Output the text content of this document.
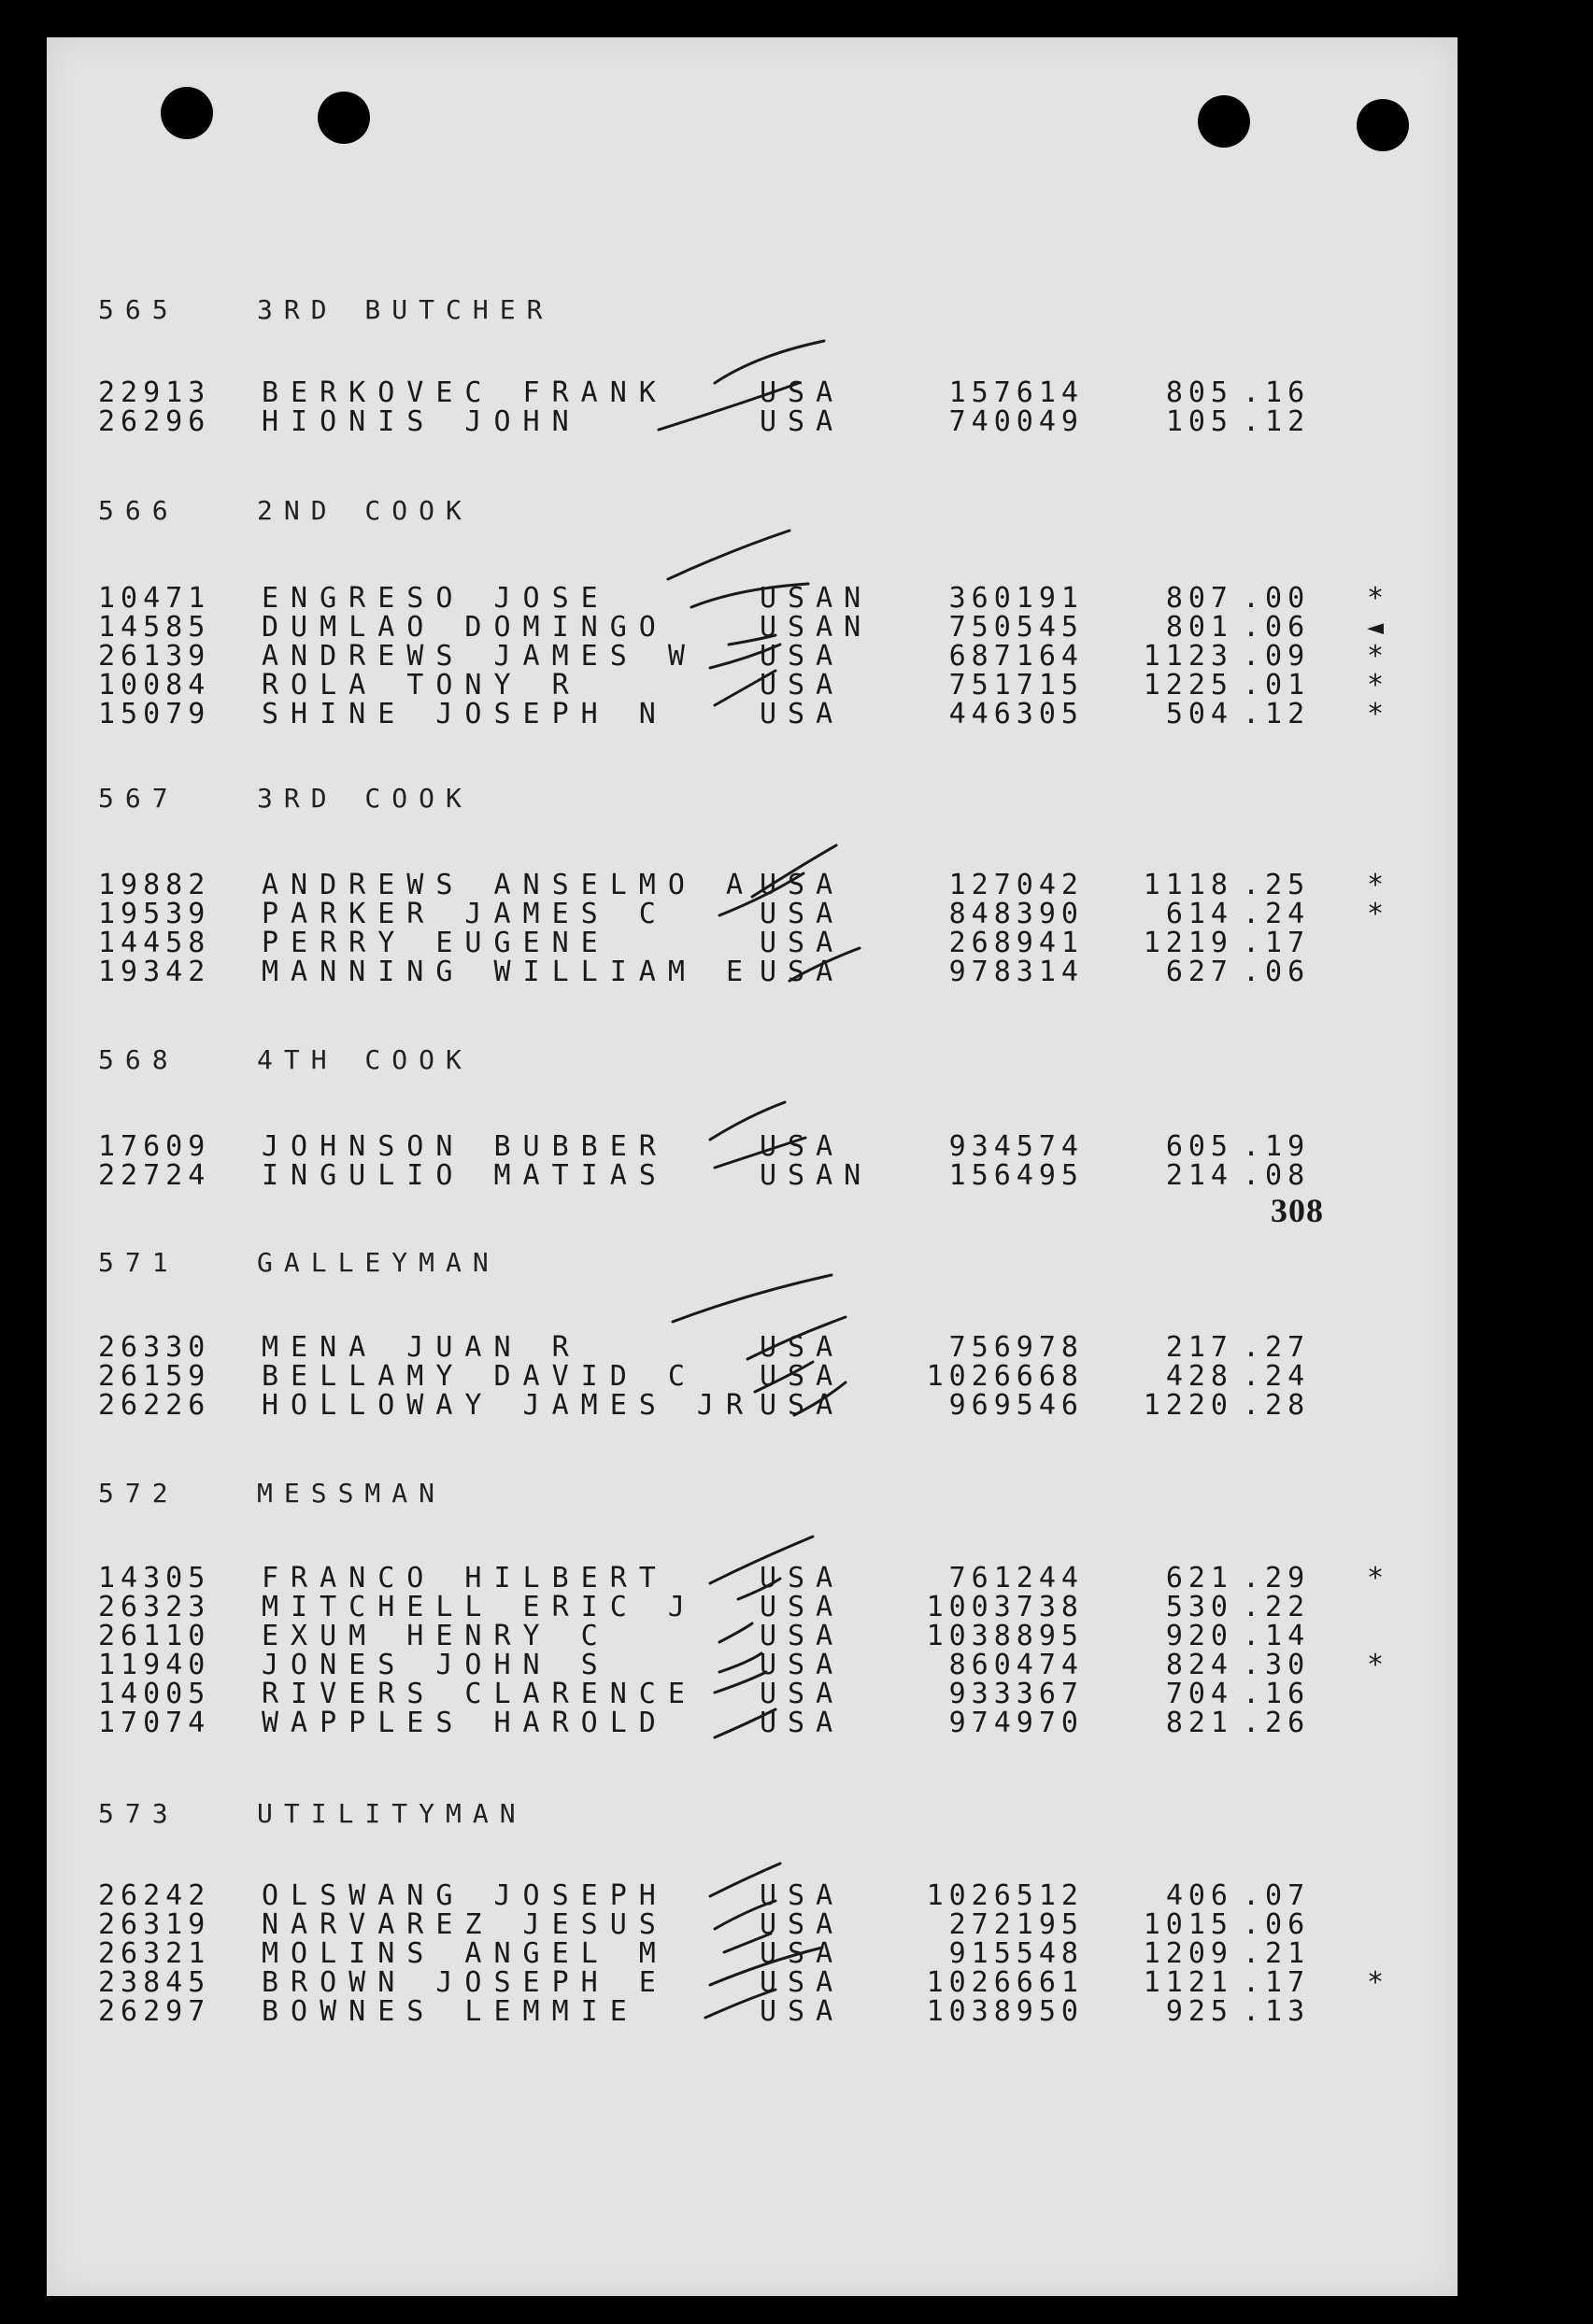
565	3RD BUTCHER
22913 BERKOVEC FRANK	USA	157614	805 .16
26296 HIONIS JOHN	USA	740049	105 .12
566	2ND COOK
10471 ENGRESO JOSE	USAN	360191	807 .00 *
14585 DUMLAO DOMINGO	USAN	750545	801 .06 ◄
26139 ANDREWS JAMES W USA	687164	1123 .09 *
10084 ROLA TONY R	USA	751715	1225 .01 *
15079 SHINE JOSEPH N	USA	446305	504 .12 *
567	3RD COOK
19882 ANDREWS ANSELMO A USA	127042	1118 .25 *
19539 PARKER JAMES C	USA	848390	614 .24 *
14458 PERRY EUGENE	USA	268941	1219 .17
19342 MANNING WILLIAM E USA	978314	627 .06
568	4TH COOK
17609 JOHNSON BUBBER	USA	934574	605 .19
22724 INGULIO MATIAS	USAN	156495	214 .08
571	GALLEYMAN
26330 MENA JUAN R	USA	756978	217 .27
26159 BELLAMY DAVID C USA	1026668	428 .24
26226 HOLLOWAY JAMES JR USA	969546	1220 .28
572	MESSMAN
14305 FRANCO HILBERT	USA	761244	621 .29 *
26323 MITCHELL ERIC J USA	1003738	530 .22
26110 EXUM HENRY C	USA	1038895	920 .14
11940 JONES JOHN S	USA	860474	824 .30 *
14005 RIVERS CLARENCE USA	933367	704 .16
17074 WAPPLES HAROLD	USA	974970	821 .26
573	UTILITYMAN
26242 OLSWANG JOSEPH	USA	1026512	406 .07
26319 NARVAREZ JESUS	USA	272195	1015 .06
26321 MOLINS ANGEL M	USA	915548	1209 .21
23845 BROWN JOSEPH E	USA	1026661	1121 .17 *
26297 BOWNES LEMMIE	USA	1038950	925 .13
308
